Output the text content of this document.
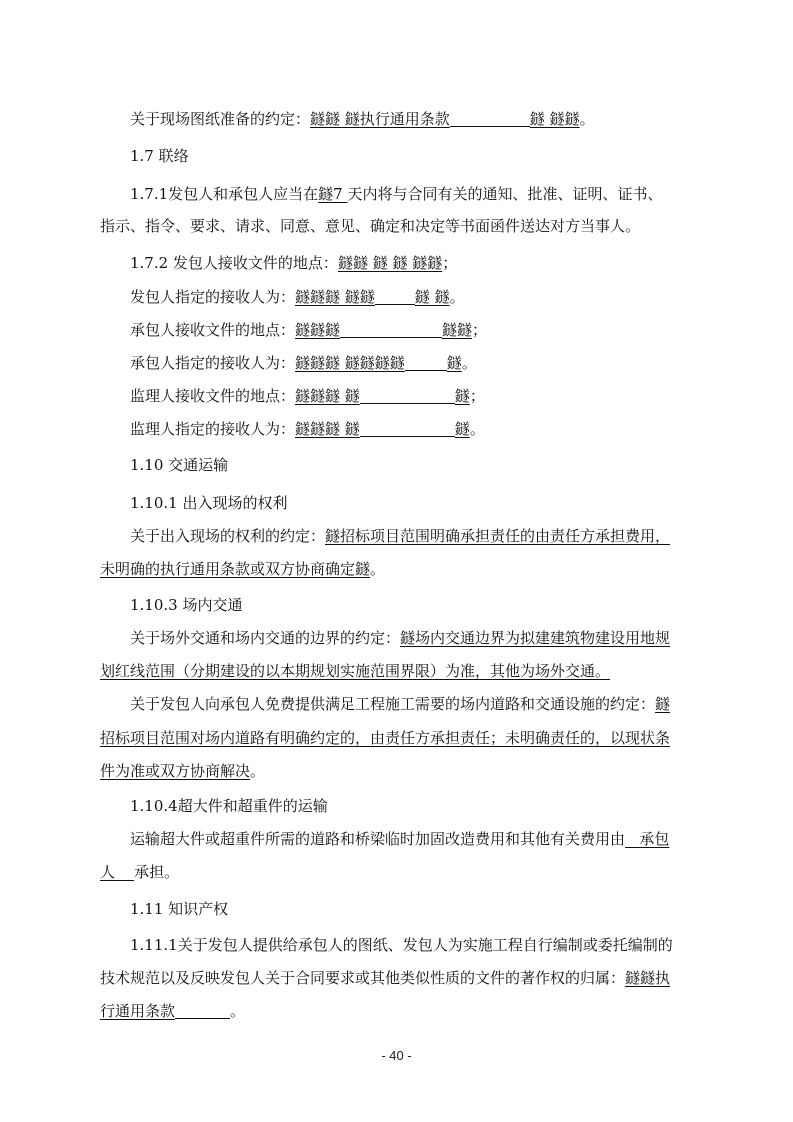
关于现场图纸准备的约定：鐩鐩 鐩执行通用条款	鐩 鐩鐩。
1.7 联络
1.7.1发包人和承包人应当在鐩7 天内将与合同有关的通知、批准、证明、证书、
指示、指令、要求、请求、同意、意见、确定和决定等书面函件送达对方当事人。
1.7.2 发包人接收文件的地点：鐩鐩 鐩 鐩 鐩鐩；
发包人指定的接收人为：鐩鐩鐩 鐩鐩	鐩 鐩。
承包人接收文件的地点：鐩鐩鐩	鐩鐩；
承包人指定的接收人为：鐩鐩鐩 鐩鐩鐩鐩	鐩。
监理人接收文件的地点：鐩鐩鐩 鐩	鐩；
监理人指定的接收人为：鐩鐩鐩 鐩	鐩。
1.10 交通运输
1.10.1 出入现场的权利
关于出入现场的权利的约定：鐩招标项目范围明确承担责任的由责任方承担费用，
未明确的执行通用条款或双方协商确定鐩。
1.10.3 场内交通
关于场外交通和场内交通的边界的约定：鐩场内交通边界为拟建建筑物建设用地规
划红线范围（分期建设的以本期规划实施范围界限）为准，其他为场外交通。
关于发包人向承包人免费提供满足工程施工需要的场内道路和交通设施的约定：鐩
招标项目范围对场内道路有明确约定的，由责任方承担责任；未明确责任的，以现状条
件为准或双方协商解决。
1.10.4超大件和超重件的运输
运输超大件或超重件所需的道路和桥梁临时加固改造费用和其他有关费用由   承包
人    承担。
1.11 知识产权
1.11.1关于发包人提供给承包人的图纸、发包人为实施工程自行编制或委托编制的
技术规范以及反映发包人关于合同要求或其他类似性质的文件的著作权的归属：鐩鐩执
行通用条款	。
- 40 -
